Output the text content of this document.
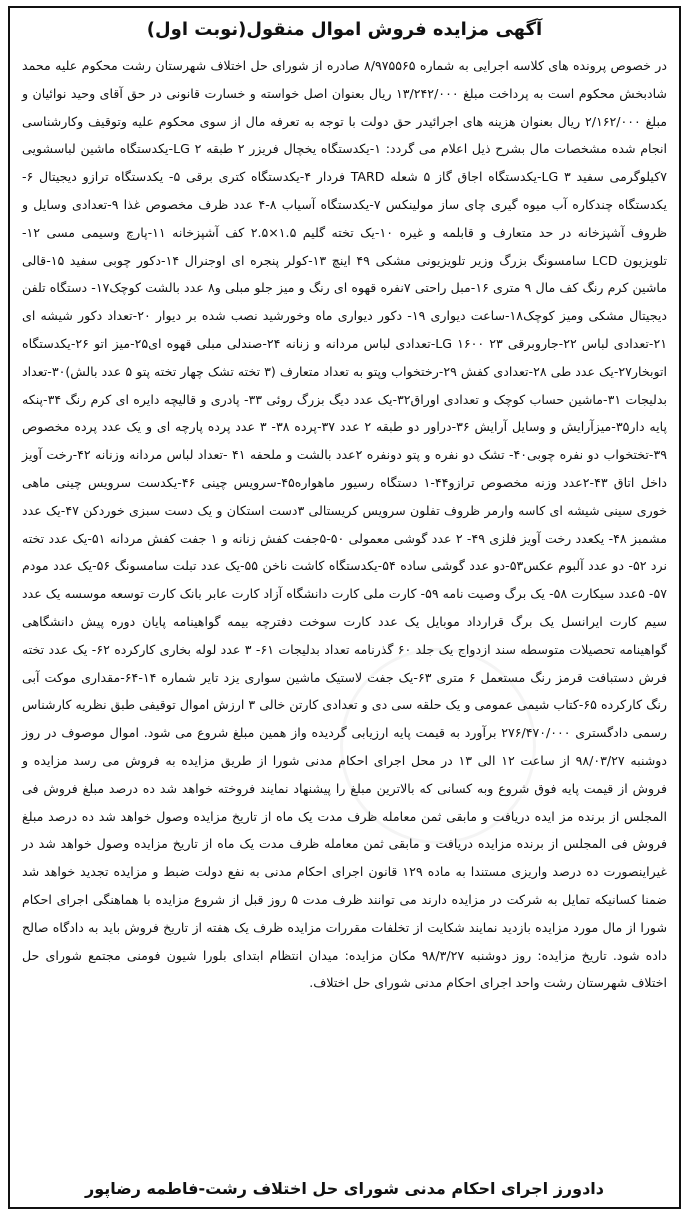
آگهی مزایده فروش اموال منقول(نوبت اول)

در خصوص پرونده های کلاسه اجرایی به شماره ۸/۹۷۵۵۶۵ صادره از شورای حل اختلاف شهرستان رشت محکوم علیه محمد شادبخش محکوم است به پرداخت مبلغ ۱۳/۲۴۲/۰۰۰ ریال بعنوان اصل خواسته و خسارت قانونی در حق آقای وحید نوائیان و مبلغ ۲/۱۶۲/۰۰۰ ریال بعنوان هزینه های اجرائیدر حق دولت با توجه به تعرفه مال از سوی محکوم علیه وتوقیف وکارشناسی انجام شده مشخصات مال بشرح ذیل اعلام می گردد: ۱-یکدستگاه یخچال فریزر ۲ طبقه LG ۲-یکدستگاه ماشین لباسشویی ۷کیلوگرمی سفید LG ۳-یکدستگاه اجاق گاز ۵ شعله TARD فردار ۴-یکدستگاه کتری برقی ۵- یکدستگاه ترازو دیجیتال ۶-یکدستگاه چندکاره آب میوه گیری چای ساز مولینکس ۷-یکدستگاه آسیاب ۸-۴ عدد ظرف مخصوص غذا ۹-تعدادی وسایل و ظروف آشپزخانه در حد متعارف و قابلمه و غیره ۱۰-یک تخته گلیم ۱.۵×۲.۵ کف آشپزخانه ۱۱-پارچ وسیمی مسی ۱۲- تلویزیون LCD سامسونگ بزرگ وزیر تلویزیونی مشکی ۴۹ اینچ ۱۳-کولر پنجره ای اوجنرال ۱۴-دکور چوبی سفید ۱۵-قالی ماشین کرم رنگ کف مال ۹ متری ۱۶-مبل راحتی ۷نفره قهوه ای رنگ و میز جلو مبلی و۸ عدد بالشت کوچک۱۷- دستگاه تلفن دیجیتال مشکی ومیز کوچک۱۸-ساعت دیواری ۱۹- دکور دیواری ماه وخورشید نصب شده بر دیوار ۲۰-تعداد دکور شیشه ای ۲۱-تعدادی لباس ۲۲-جاروبرقی LG ۱۶۰۰ ۲۳-تعدادی لباس مردانه و زنانه ۲۴-صندلی مبلی قهوه ای۲۵-میز اتو ۲۶-یکدستگاه اتوبخار۲۷-یک عدد طی ۲۸-تعدادی کفش ۲۹-رختخواب وپتو به تعداد متعارف (۳ تخته تشک چهار تخته پتو ۵ عدد بالش)۳۰-تعداد بدلیجات ۳۱-ماشین حساب کوچک و تعدادی اوراق۳۲-یک عدد دیگ بزرگ روئی ۳۳- پادری و قالیچه دایره ای کرم رنگ ۳۴-پنکه پایه دار۳۵-میزآرایش و وسایل آرایش ۳۶-دراور دو طبقه ۲ عدد ۳۷-پرده ۳۸- ۳ عدد پرده پارچه ای و یک عدد پرده مخصوص ۳۹-تختخواب دو نفره چوبی۴۰- تشک دو نفره و پتو دونفره ۲عدد بالشت و ملحفه ۴۱ -تعداد لباس مردانه وزنانه ۴۲-رخت آویز داخل اتاق ۴۳-۲عدد وزنه مخصوص ترازو۴۴-۱ دستگاه رسیور ماهواره۴۵-سرویس چینی ۴۶-یکدست سرویس چینی ماهی خوری سینی شیشه ای کاسه وارمر ظروف تفلون سرویس کریستالی ۳دست استکان و یک دست سبزی خوردکن ۴۷-یک عدد مشمبز ۴۸- یکعدد رخت آویز فلزی ۴۹- ۲ عدد گوشی معمولی ۵۰-۵جفت کفش زنانه و ۱ جفت کفش مردانه ۵۱-یک عدد تخته نرد ۵۲- دو عدد آلبوم عکس۵۳-دو عدد گوشی ساده ۵۴-یکدستگاه کاشت ناخن ۵۵-یک عدد تبلت سامسونگ ۵۶-یک عدد مودم ۵۷- ۵عدد سیکارت ۵۸- یک برگ وصیت نامه ۵۹- کارت ملی کارت دانشگاه آزاد کارت عابر بانک کارت توسعه موسسه یک عدد سیم کارت ایرانسل یک برگ قرارداد موبایل یک عدد کارت سوخت دفترچه بیمه گواهینامه پایان دوره پیش دانشگاهی گواهینامه تحصیلات متوسطه سند ازدواج یک جلد ۶۰ گذرنامه تعداد بدلیجات ۶۱- ۳ عدد لوله بخاری کارکرده ۶۲- یک عدد تخته فرش دستبافت قرمز رنگ مستعمل ۶ متری ۶۳-یک جفت لاستیک ماشین سواری یزد تایر شماره ۱۴-۶۴-مقداری موکت آبی رنگ کارکرده ۶۵-کتاب شیمی عمومی و یک حلقه سی دی و تعدادی کارتن خالی ۳ ارزش اموال توقیفی طبق نظریه کارشناس رسمی دادگستری ۲۷۶/۴۷۰/۰۰۰ برآورد به قیمت پایه ارزیابی گردیده واز همین مبلغ شروع می شود. اموال موصوف در روز دوشنبه ۹۸/۰۳/۲۷ از ساعت ۱۲ الی ۱۳ در محل اجرای احکام مدنی شورا از طریق مزایده به فروش می رسد مزایده و فروش از قیمت پایه فوق شروع وبه کسانی که بالاترین مبلغ را پیشنهاد نمایند فروخته خواهد شد ده درصد مبلغ فروش فی المجلس از برنده مز ایده دریافت و مابقی ثمن معامله ظرف مدت یک ماه از تاریخ مزایده وصول خواهد شد ده درصد مبلغ فروش فی المجلس از برنده مزایده دریافت و مابقی ثمن معامله ظرف مدت یک ماه از تاریخ مزایده وصول خواهد شد در غیراینصورت ده درصد واریزی مستندا به ماده ۱۲۹ قانون اجرای احکام مدنی به نفع دولت ضبط و مزایده تجدید خواهد شد ضمنا کسانیکه تمایل به شرکت در مزایده دارند می توانند ظرف مدت ۵ روز قبل از شروع مزایده با هماهنگی اجرای احکام شورا از مال مورد مزایده بازدید نمایند شکایت از تخلفات مقررات مزایده ظرف یک هفته از تاریخ فروش باید به دادگاه صالح داده شود. تاریخ مزایده: روز دوشنبه ۹۸/۳/۲۷ مکان مزایده: میدان انتظام ابتدای بلورا شیون فومنی مجتمع شورای حل اختلاف شهرستان رشت واحد اجرای احکام مدنی شورای حل اختلاف.

دادورز اجرای احکام مدنی شورای حل اختلاف رشت-فاطمه رضاپور
